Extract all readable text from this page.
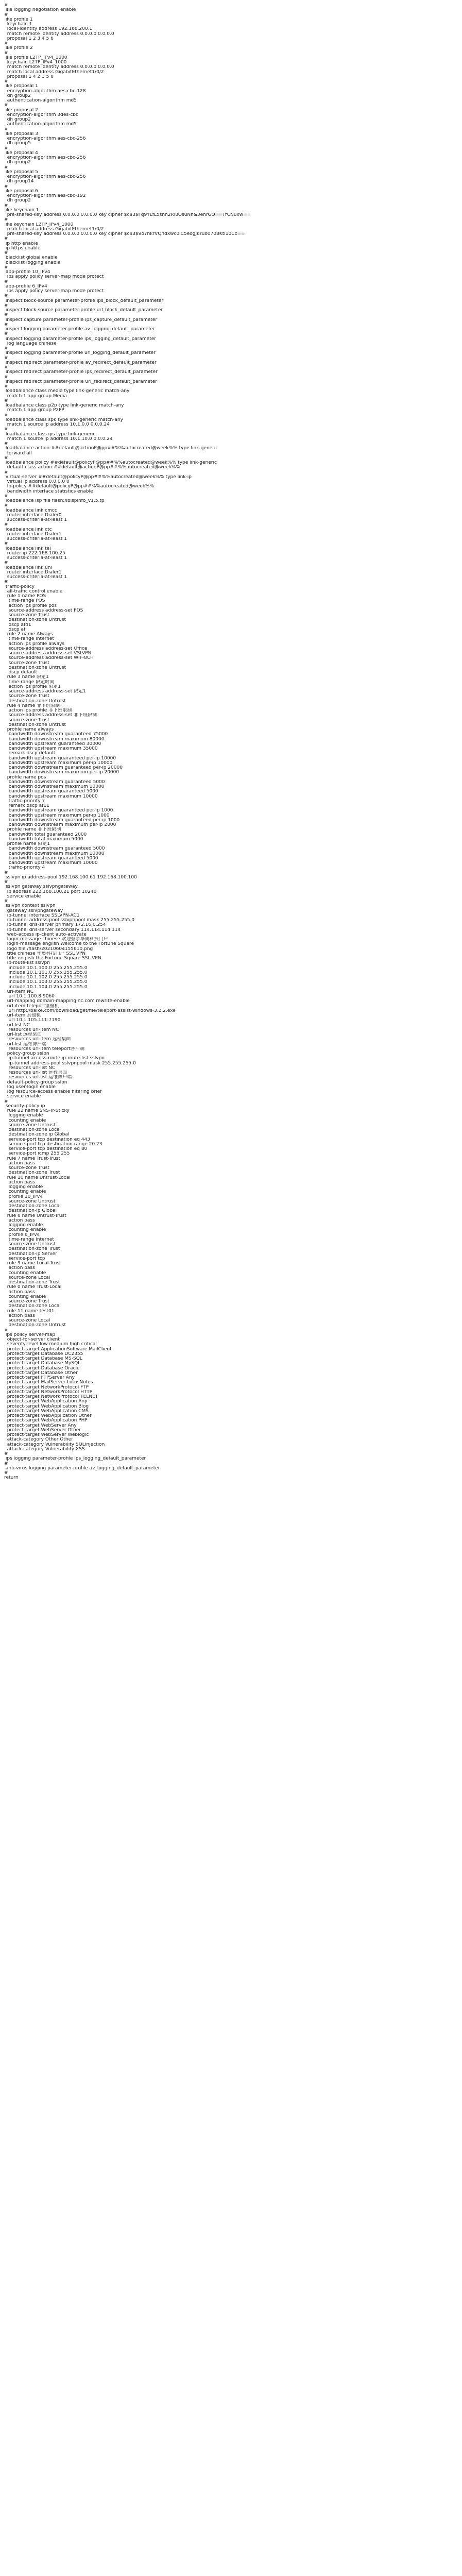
#
ike logging negotiation enable
#
ike profile 1
keychain 1
local-identity address 192.168.200.1
match remote identity address 0.0.0.0 0.0.0.0
proposal 1 2 3 4 5 6
#
ike profile 2
#
ike profile L2TP_IPv4_1000
keychain L2TP_IPv4_1000
match remote identity address 0.0.0.0 0.0.0.0
match local address GigabitEthernet1/0/2
proposal 1 4 2 3 5 6
#
ike proposal 1
encryption-algorithm aes-cbc-128
dh group2
authentication-algorithm md5
#
ike proposal 2
encryption-algorithm 3des-cbc
dh group2
authentication-algorithm md5
#
ike proposal 3
encryption-algorithm aes-cbc-256
dh group5
#
ike proposal 4
encryption-algorithm aes-cbc-256
dh group2
#
ike proposal 5
encryption-algorithm aes-cbc-256
dh group14
#
ike proposal 6
encryption-algorithm aes-cbc-192
dh group2
#
ike keychain 1
pre-shared-key address 0.0.0.0 0.0.0.0 key cipher $c$3$Fq9YLfL5shh2Rl8OsuNh&3ehrGQ==/YCNuxw==
#
ike keychain L2TP_IPv4_1000
match local address GigabitEthernet1/0/2
pre-shared-key address 0.0.0.0 0.0.0.0 key cipher $c$3$9o7hkrVQndxwc0iC5eogjkYuo0708KtI10Cc==
#
ip http enable
ip https enable
#
blacklist global enable
blacklist logging enable
#
app-profile 10_IPv4
ips apply policy server-map mode protect
#
app-profile 6_IPv4
ips apply policy server-map mode protect
#
inspect block-source parameter-profile ips_block_default_parameter
#
inspect block-source parameter-profile url_block_default_parameter
#
inspect capture parameter-profile ips_capture_default_parameter
#
inspect logging parameter-profile av_logging_default_parameter
#
inspect logging parameter-profile ips_logging_default_parameter
log language chinese
#
inspect logging parameter-profile url_logging_default_parameter
#
inspect redirect parameter-profile av_redirect_default_parameter
#
inspect redirect parameter-profile ips_redirect_default_parameter
#
inspect redirect parameter-profile url_redirect_default_parameter
#
loadbalance class media type link-generic match-any
match 1 app-group Media
#
loadbalance class p2p type link-generic match-any
match 1 app-group P2PP
#
loadbalance class spk type link-generic match-any
match 1 source ip address 10.1.0.0 0.0.0.24
#
loadbalance class ips type link-generic
match 1 source ip address 10.1.10.0 0.0.0.24
#
loadbalance action ##default@actionP@pp##%%autocreated@week%% type link-generic
forward all
#
loadbalance policy ##default@policyP@pp##%%autocreated@week%% type link-generic
default class action ##default@actionP@pp##%%autocreated@week%%
#
virtual-server ##default@policyP@pp##%%autocreated@week%% type link-ip
virtual ip address 0.0.0.0 0
lb-policy ##default@policyP@pp##%%autocreated@week%%
bandwidth interface statistics enable
#
loadbalance isp file flash:/lbispinfo_v1.5.tp
#
loadbalance link cmcc
router interface Dialer0
success-criteria-at-least 1
#
loadbalance link ctc
router interface Dialer1
success-criteria-at-least 1
#
loadbalance link tel
router ip 222.168.100.25
success-criteria-at-least 1
#
loadbalance link uni
router interface Dialer1
success-criteria-at-least 1
#
traffic-policy
all-traffic control enable
rule 1 name POS
time-range POS
action ips profile pos
source-address address-set POS
source-zone Trust
destination-zone Untrust
dscp af41
dscp af
rule 2 name Always
time-range Internet
action ips profile always
source-address address-set Office
source-address address-set VSLVPN
source-address address-set WIF-8CH
source-zone Trust
destination-zone Untrust
dscp default
rule 3 name 限定1
time-range 限定时间
action ips profile 限定1
source-address address-set 限定1
source-zone Trust
destination-zone Untrust
rule 4 name 非下班限制
action ips profile 非下班限制
source-address address-set 非下班限制
source-zone Trust
destination-zone Untrust
profile name always
bandwidth downstream guaranteed 75000
bandwidth downstream maximum 80000
bandwidth upstream guaranteed 30000
bandwidth upstream maximum 35000
remark dscp default
bandwidth upstream guaranteed per-ip 10000
bandwidth upstream maximum per-ip 10000
bandwidth downstream guaranteed per-ip 20000
bandwidth downstream maximum per-ip 20000
profile name pos
bandwidth downstream guaranteed 5000
bandwidth downstream maximum 10000
bandwidth upstream guaranteed 5000
bandwidth upstream maximum 10000
traffic-priority 7
remark dscp af11
bandwidth upstream guaranteed per-ip 1000
bandwidth upstream maximum per-ip 1000
bandwidth downstream guaranteed per-ip 1000
bandwidth downstream maximum per-ip 2000
profile name 非下班限制
bandwidth total guaranteed 2000
bandwidth total maximum 5000
profile name 限定1
bandwidth downstream guaranteed 5000
bandwidth downstream maximum 10000
bandwidth upstream guaranteed 5000
bandwidth upstream maximum 10000
traffic-priority 4
#
sslvpn ip address-pool 192.168.100.61 192.168.100.100
#
sslvpn gateway sslvpngateway
ip address 222.168.100.21 port 10240
service enable
#
sslvpn context sslvpn
gateway sslvpngateway
ip-tunnel interface SSLVPN-AC1
ip-tunnel address-pool sslvpnpool mask 255.255.255.0
ip-tunnel dns-server primary 172.16.0.254
ip-tunnel dns-server secondary 114.114.114.114
web-access ip-client auto-activate
login-message chinese 欢迎登录华奥科技门户
login-message english Welcome to the Fortune Square
logo file /flash/20210604155610.png
title chinese 华奥科技门户 SSL VPN
title english the Fortune Square SSL VPN
ip-route-list sslvpn
include 10.1.100.0 255.255.255.0
include 10.1.101.0 255.255.255.0
include 10.1.102.0 255.255.255.0
include 10.1.103.0 255.255.255.0
include 10.1.104.0 255.255.255.0
url-item NC
url 10.1.100.8:9060
url-mapping domain-mapping nc.com rewrite-enable
url-item teleport堡垒机
url http://baike.com/download/get/file/teleport-assist-windows-3.2.2.exe
url-item 其他机
url 10.1.105.111:7190
url-list NC
resources url-item NC
url-list 远程桌面
resources url-item 远程桌面
url-list 运维博户端
resources url-item teleport客户端
policy-group sslpn
ip-tunnel access-route ip-route-list sslvpn
ip-tunnel address-pool sslvpnpool mask 255.255.255.0
resources url-list NC
resources url-list 远程桌面
resources url-list 运维博户端
default-policy-group sslpn
log user-login enable
log resource-access enable filtering brief
service enable
#
security-policy ip
rule 22 name SNS-Tr-Sticky
logging enable
counting enable
source-zone Untrust
destination-zone Local
destination-zone ip Global
service-port tcp destination eq 443
service-port tcp destination range 20 23
service-port tcp destination eq 80
service-port icmp 255 255
rule 7 name Trust-Trust
action pass
source-zone Trust
destination-zone Trust
rule 10 name Untrust-Local
action pass
logging enable
counting enable
profile 10_IPv4
source-zone Untrust
destination-zone Local
destination-ip Global
rule 6 name Untrust-Trust
action pass
logging enable
counting enable
profile 6_IPv4
time-range Internet
source-zone Untrust
destination-zone Trust
destination-ip Server
service-port tcp
rule 9 name Local-Trust
action pass
counting enable
source-zone Local
destination-zone Trust
rule 0 name Trust-Local
action pass
counting enable
source-zone Trust
destination-zone Local
rule 11 name test01
action pass
source-zone Local
destination-zone Untrust
#
ips policy server-map
object-for-server client
severity-level low medium high critical
protect-target ApplicationSoftware MailClient
protect-target Database DC2355
protect-target Database MS-SQL
protect-target Database MySQL
protect-target Database Oracle
protect-target Database Other
protect-target FTPServer Any
protect-target MailServer LotusNotes
protect-target NetworkProtocol FTP
protect-target NetworkProtocol HTTP
protect-target NetworkProtocol TELNET
protect-target WebApplication Any
protect-target WebApplication Blog
protect-target WebApplication CMS
protect-target WebApplication Other
protect-target WebApplication PHP
protect-target WebServer Any
protect-target WebServer Other
protect-target WebServer Weblogic
attack-category Other Other
attack-category Vulnerability SQLInjection
attack-category Vulnerability XSS
#
ips logging parameter-profile ips_logging_default_parameter
#
anti-virus logging parameter-profile av_logging_default_parameter
#
return
